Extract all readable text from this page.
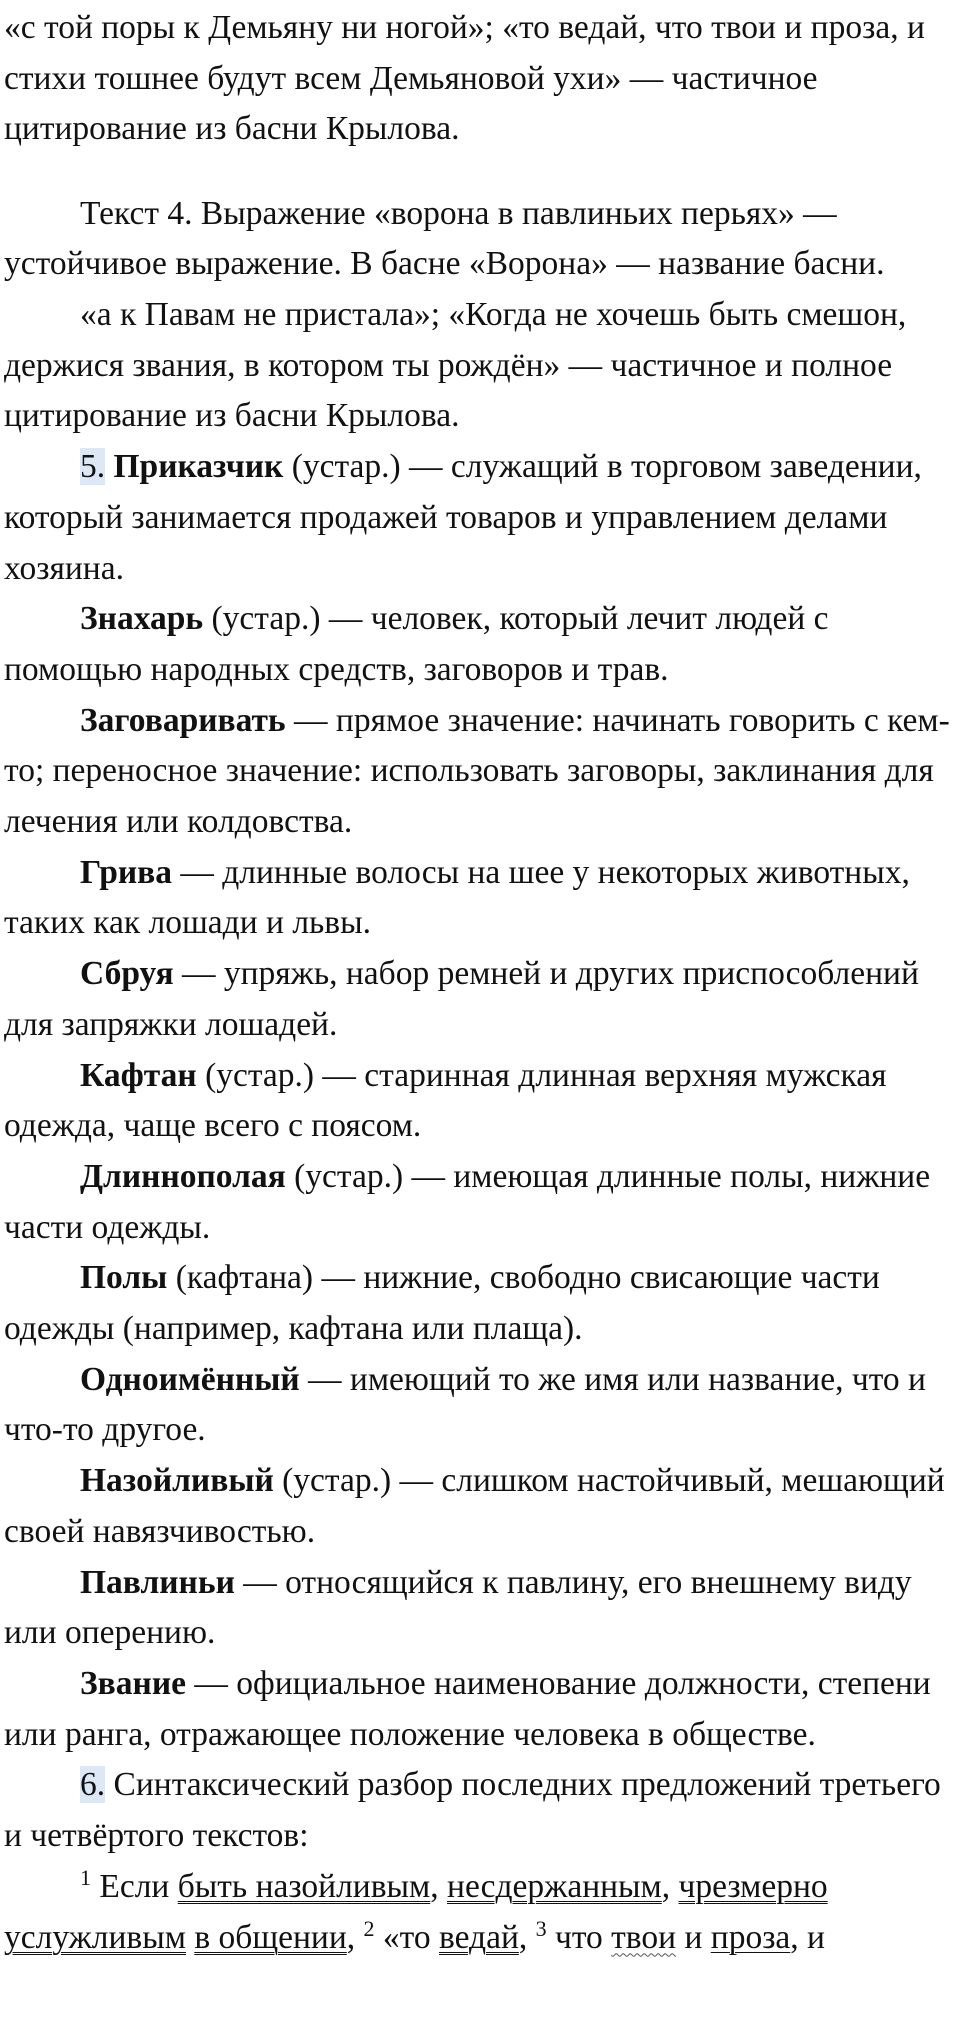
«с той поры к Демьяну ни ногой»; «то ведай, что твои и проза, и стихи тошнее будут всем Демьяновой ухи» — частичное цитирование из басни Крылова.

Текст 4. Выражение «ворона в павлиньих перьях» — устойчивое выражение. В басне «Ворона» — название басни.

«а к Павам не пристала»; «Когда не хочешь быть смешон, держися звания, в котором ты рождён» — частичное и полное цитирование из басни Крылова.

5. Приказчик (устар.) — служащий в торговом заведении, который занимается продажей товаров и управлением делами хозяина.

Знахарь (устар.) — человек, который лечит людей с помощью народных средств, заговоров и трав.

Заговаривать — прямое значение: начинать говорить с кем-то; переносное значение: использовать заговоры, заклинания для лечения или колдовства.

Грива — длинные волосы на шее у некоторых животных, таких как лошади и львы.

Сбруя — упряжь, набор ремней и других приспособлений для запряжки лошадей.

Кафтан (устар.) — старинная длинная верхняя мужская одежда, чаще всего с поясом.

Длиннополая (устар.) — имеющая длинные полы, нижние части одежды.

Полы (кафтана) — нижние, свободно свисающие части одежды (например, кафтана или плаща).

Одноимённый — имеющий то же имя или название, что и что-то другое.

Назойливый (устар.) — слишком настойчивый, мешающий своей навязчивостью.

Павлиньи — относящийся к павлину, его внешнему виду или оперению.

Звание — официальное наименование должности, степени или ранга, отражающее положение человека в обществе.

6. Синтаксический разбор последних предложений третьего и четвёртого текстов:

$^1$ Если быть назойливым, несдержанным, чрезмерно услужливым в общении, $^2$ «то ведай, $^3$ что твои и проза, и
